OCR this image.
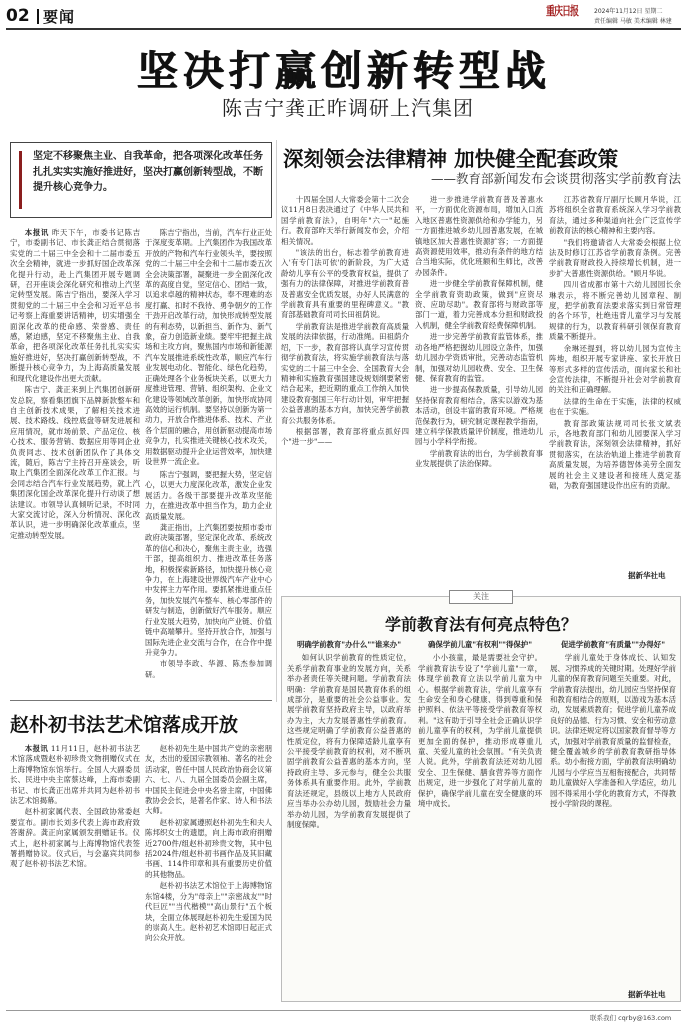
02 要闻	重庆日报	2024年11月12日 星期二
责任编辑 马敏 美术编辑 林建
坚决打赢创新转型战
陈吉宁龚正昨调研上汽集团
坚定不移聚焦主业、自我革命，把各项深化改革任务扎扎实实实施好推进好，坚决打赢创新转型战，不断提升核心竞争力。

本报讯 昨天下午，市委书记陈吉宁，市委副书记、市长龚正结合贯彻落实党的二十届三中全会和十二届市委五次全会精神，就进一步抓好国企改革深化提升行动，赴上汽集团开展专题调研，召开座谈会深化研究和推动上汽坚定转型发展。陈吉宁指出，要深入学习贯彻党的二十届三中全会和习近平总书记考察上海重要讲话精神，切实增强全面深化改革的使命感、荣誉感、责任感，紧迫感，坚定不移聚焦主业、自我革命，把各项深化改革任务扎扎实实实施好推进好，坚决打赢创新转型战，不断提升核心竞争力，为上海高质量发展和现代化建设作出更大贡献。

陈吉宁、龚正来到上汽集团创新研发总院，察看集团旗下品牌新款整车和自主创新技术成果，了解相关技术进展、技术路线、线控底盘等研发进展和应用情况，就市场前景、产品定位、核心技术、服务营销、数据应用等同企业负责同志、技术创新团队作了具体交流，随后，陈吉宁主持召开座谈会，听取上汽集团全面深化改革工作汇报。与会同志结合汽车行业发展趋势，就上汽集团深化国企改革深化提升行动谈了想法建议。市领导认真倾听记录，不时同大家交流讨论，深入分析情况、深化改革认识，进一步明确深化改革重点，坚定推动转型发展。

陈吉宁指出，当前，汽车行业正处于深度变革期。上汽集团作为我国改革开放的产物和汽车行业领头羊，要按照党的二十届三中全会和十二届市委五次全会决策部署，凝聚进一步全面深化改革的高度自觉，坚定信心、团结一致，以追求卓越的精神状态，奉不理难的态度打赢、扣时不我待、勇争朝夕的工作干劲开启改革行动，加快形成转型发展的有利态势，以新担当、新作为、新气象，奋力创造新业绩。要牢牢把握主战场和主攻方向，聚焦国内市场和新能源汽车发展推进系统性改革，顺应汽车行业发展电动化、智能化、绿色化趋势，正确处理各个业务板块关系，以更大力度推进管理、营销、组织架构、企业文化建设等领域改革创新，加快形成协同高效的运行机制。要坚持以创新为第一动力，开放合作推进体系、技术、产业各个层面的融合，用创新驱动提高市场竞争力，扎实推进关键核心技术攻关，用数据驱动提升企业运营效率，加快建设世界一流企业。

深刻领会法律精神 加快健全配套政策
——教育部新闻发布会谈贯彻落实学前教育法

十四届全国人大常委会第十二次会议11月8日表决通过了《中华人民共和国学前教育法》，自明年"六一"起施行。教育部昨天举行新闻发布会，介绍相关情况。

"该法的出台，标志着学前教育进入'有专门法可依'的新阶段，为广大适龄幼儿享有公平的受教育权益，提供了强有力的法律保障，对推进学前教育普及普惠安全优质发展，办好人民满意的学前教育具有重要的里程碑意义。"教育部基础教育司司长田祖荫说。

学前教育法是推进学前教育高质量发展的法律依据，行动准绳。田祖荫介绍，下一步，教育部将认真学习宣传贯彻学前教育法，将实施学前教育法与落实党的二十届三中全会、全国教育大会精神和实施教育强国建设规划纲要紧密结合起来，把近期的重点工作纳入加快建设教育强国三年行动计划，审牢把握公益普惠的基本方向，加快完善学前教育公共服务体系。

根据部署，教育部将重点抓好四个"进一步"——

进一步推进学前教育普及普惠水平，一方面优化资源布局，增加入口流入地区普惠性资源供给和办学能力，另一方面推进城乡幼儿园普惠发展，在城镇地区加大普惠性资源扩容；一方面提高资源使用效率，推动有条件的地方结合当地实际，优化班额和生师比，改善办园条件。

进一步健全学前教育保障机制，健全学前教育资助政策，做到"应资尽资、应助尽助"。教育部将与财政部等部门一道，着力完善成本分担和财政投入机制，健全学前教育经费保障机制。

进一步完善学前教育监管体系，推动各地严格把握幼儿园设立条件，加强幼儿园办学资质审批，完善动态监管机制，加强对幼儿园收费、安全、卫生保健、保育教育的监管。

进一步提高保教质量，引导幼儿园坚持保育教育相结合，落实以游戏为基本活动，创设丰富的教育环境。严格规范保教行为，研究制定课程教学指南，建立科学保教质量评价制度，推进幼儿园与小学科学衔接。

学前教育法的出台，为学前教育事业发展提供了法治保障。

江苏省教育厅副厅长顾月华说，江苏将组织全省教育系统深入学习学前教育法，通过多种渠道向社会广泛宣传学前教育法的核心精神和主要内容。

"我们将邀请省人大常委会根据上位法及时修订江苏省学前教育条例。完善学前教育财政投入持续增长机制，进一步扩大普惠性资源供给。"顾月华说。

四川省成都市第十六幼儿园园长余琳表示，将不断完善幼儿园章程、制度，把学前教育法要求落实到日常管理的各个环节，杜绝违背儿童学习与发展规律的行为，以教育科研引领保育教育质量不断提升。

余琳还提到，将以幼儿园为宣传主阵地，组织开展专家讲座、家长开放日等形式多样的宣传活动，面向家长和社会宣传法律，不断提升社会对学前教育的关注和正确理解。

法律的生命在于实施，法律的权威也在于实施。

教育部政策法规司司长张文斌表示，各地教育部门和幼儿园要深入学习学前教育法，深刻领会法律精神，抓好贯彻落实，在法治轨道上推进学前教育高质量发展，为培养德智体美劳全面发展的社会主义建设者和接班人奠定基础，为教育强国建设作出应有的贡献。

据新华社电
关注
学前教育法有何亮点特色？
明确学前教育"办什么""谁来办"

如何认识学前教育的性质定位，关系学前教育事业的发展方向，关系举办者责任等关键问题。学前教育法明确：学前教育是国民教育体系的组成部分，是重要的社会公益事业。发展学前教育坚持政府主导，以政府举办为主，大力发展普惠性学前教育。这些规定明确了学前教育公益普惠的性质定位，将有力保障适龄儿童享有公平接受学前教育的权利，对不断巩固学前教育公益普惠的基本方向，坚持政府主导、多元参与，健全公共服务体系具有重要作用。此外，学前教育法还规定，县级以上地方人民政府应当举办公办幼儿园，鼓励社会力量举办幼儿园，为学前教育发展提供了制度保障。

确保学前儿童"有权利""得保护"

小小孩童，最是需要社会守护。学前教育法专设了"学前儿童"一章，体现学前教育立法以学前儿童为中心。根据学前教育法，学前儿童享有生命安全和身心健康、得到尊重和保护照料、依法平等接受学前教育等权利。"这有助于引导全社会正确认识学前儿童享有的权利，为学前儿童提供更加全面的保护，推动形成尊重儿童、关爱儿童的社会氛围。"有关负责人说。此外，学前教育法还对幼儿园安全、卫生保健、膳食营养等方面作出规定，进一步强化了对学前儿童的保护，确保学前儿童在安全健康的环境中成长。

促进学前教育"有质量""办得好"

学前儿童处于身体成长、认知发展、习惯养成的关键时期。处理好学前儿童的保育教育问题至关重要。对此，学前教育法提出，幼儿园应当坚持保育和教育相结合的原则，以游戏为基本活动，发展素质教育；促进学前儿童养成良好的品德、行为习惯、安全和劳动意识。法律还规定将以国家教育督导等方式，加强对学前教育质量的监督检查，健全覆盖城乡的学前教育教研指导体系。幼小衔接方面，学前教育法明确幼儿园与小学应当互相衔接配合，共同帮助儿童做好入学准备和入学适应，幼儿园不得采用小学化的教育方式，不得教授小学阶段的课程。

据新华社电
赵朴初书法艺术馆落成开放

本报讯 11月11日，赵朴初书法艺术馆落成暨赵朴初珍贵文物捐赠仪式在上海博物馆东馆举行。全国人大副委员长、民进中央主席蔡达峰，上海市委副书记、市长龚正出席并共同为赵朴初书法艺术馆揭幕。

赵朴初家属代表、全国政协常委赵要宣布。副市长刘多代表上海市政府致答谢辞。龚正向家属颁发捐赠证书。仪式上，赵朴初家属与上海博物馆代表签署捐赠协议。仪式后，与会嘉宾共同参观了赵朴初书法艺术馆。

赵朴初先生是中国共产党的亲密朋友，杰出的爱国宗教领袖、著名的社会活动家，曾任中国人民政治协商会议第六、七、八、九届全国委员会副主席，中国民主促进会中央名誉主席，中国佛教协会会长，是著名作家、诗人和书法大师。

赵朴初家属遵照赵朴初先生和夫人陈邦织女士的遗愿，向上海市政府捐赠近2700件/组赵朴初珍贵文物，其中包括2024件/组赵朴初书画作品及其旧藏书画、114件印章和具有重要历史价值的其他物品。

赵朴初书法艺术馆位于上海博物馆东馆4楼，分为"母亲上""亲密战友""时代巨匠""当代楷模""高山景行"五个板块，全面立体展现赵朴初先生爱国为民的崇高人生。赵朴初艺术馆即日起正式向公众开放。

陈吉宁强调，要把握大势，坚定信心，以更大力度深化改革，激发企业发展活力。各级干部要提升改革攻坚能力，在推进改革中担当作为，助力企业高质量发展。

龚正指出，上汽集团要按照市委市政府决策部署，坚定深化改革、系统改革的信心和决心，聚焦主责主业，选强干部，提高组织力、推进改革任务落地，积极探索新路径，加快提升核心竞争力，在上海建设世界级汽车产业中心中发挥主力军作用。要抓紧推进重点任务，加快发展汽车整车、核心零部件的研发与制造，创新做好汽车服务。顺应行业发展大趋势，加快向产业链、价值链中高端攀升。坚持开放合作，加强与国际先进企业交流与合作，在合作中提升竞争力。

市领导李政、华源、陈杰参加调研。

联系我们 cqrby@163.com
